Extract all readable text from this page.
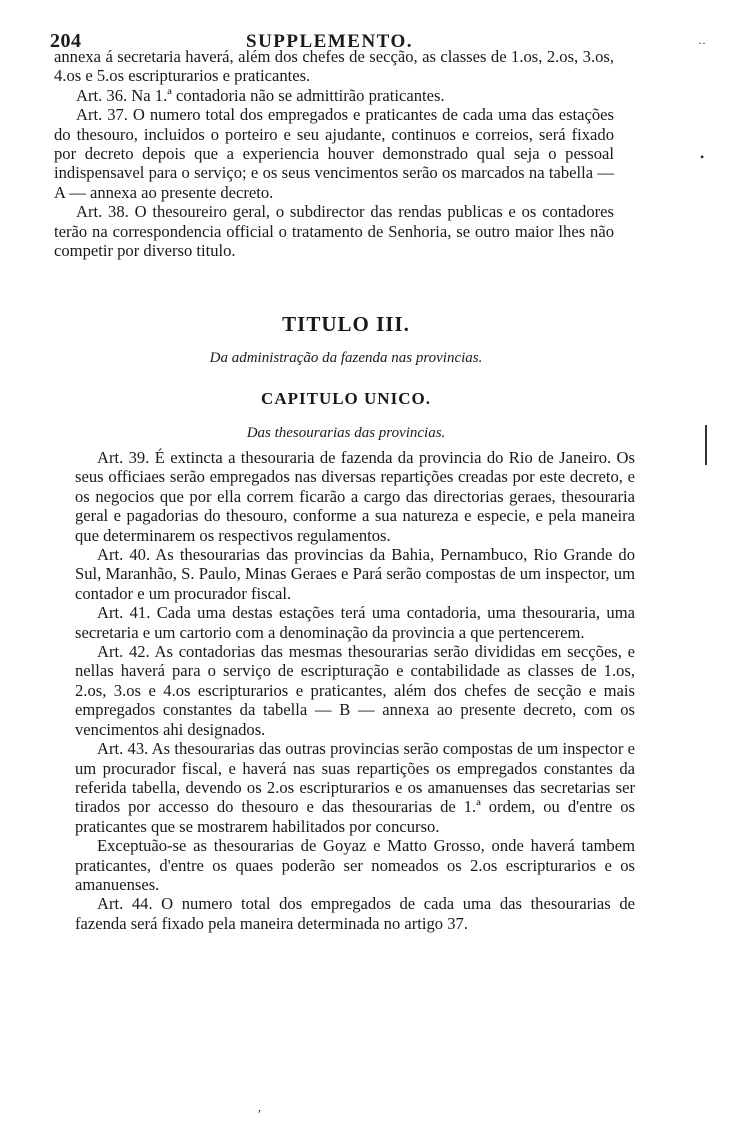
204	SUPPLEMENTO.

annexa á secretaria haverá, além dos chefes de secção, as classes de 1.os, 2.os, 3.os, 4.os e 5.os escripturarios e praticantes.

Art. 36. Na 1.ª contadoria não se admittirão praticantes.

Art. 37. O numero total dos empregados e praticantes de cada uma das estações do thesouro, incluidos o porteiro e seu ajudante, continuos e correios, será fixado por decreto depois que a experiencia houver demonstrado qual seja o pessoal indispensavel para o serviço; e os seus vencimentos serão os marcados na tabella — A — annexa ao presente decreto.

Art. 38. O thesoureiro geral, o subdirector das rendas publicas e os contadores terão na correspondencia official o tratamento de Senhoria, se outro maior lhes não competir por diverso titulo.

TITULO III.

Da administração da fazenda nas provincias.

CAPITULO UNICO.

Das thesourarias das provincias.

Art. 39. É extincta a thesouraria de fazenda da provincia do Rio de Janeiro. Os seus officiaes serão empregados nas diversas repartições creadas por este decreto, e os negocios que por ella correm ficarão a cargo das directorias geraes, thesouraria geral e pagadorias do thesouro, conforme a sua natureza e especie, e pela maneira que determinarem os respectivos regulamentos.

Art. 40. As thesourarias das provincias da Bahia, Pernambuco, Rio Grande do Sul, Maranhão, S. Paulo, Minas Geraes e Pará serão compostas de um inspector, um contador e um procurador fiscal.

Art. 41. Cada uma destas estações terá uma contadoria, uma thesouraria, uma secretaria e um cartorio com a denominação da provincia a que pertencerem.

Art. 42. As contadorias das mesmas thesourarias serão divididas em secções, e nellas haverá para o serviço de escripturação e contabilidade as classes de 1.os, 2.os, 3.os e 4.os escripturarios e praticantes, além dos chefes de secção e mais empregados constantes da tabella — B — annexa ao presente decreto, com os vencimentos ahi designados.

Art. 43. As thesourarias das outras provincias serão compostas de um inspector e um procurador fiscal, e haverá nas suas repartições os empregados constantes da referida tabella, devendo os 2.os escripturarios e os amanuenses das secretarias ser tirados por accesso do thesouro e das thesourarias de 1.ª ordem, ou d'entre os praticantes que se mostrarem habilitados por concurso.

Exceptuão-se as thesourarias de Goyaz e Matto Grosso, onde haverá tambem praticantes, d'entre os quaes poderão ser nomeados os 2.os escripturarios e os amanuenses.

Art. 44. O numero total dos empregados de cada uma das thesourarias de fazenda será fixado pela maneira determinada no artigo 37.

··
•
,
